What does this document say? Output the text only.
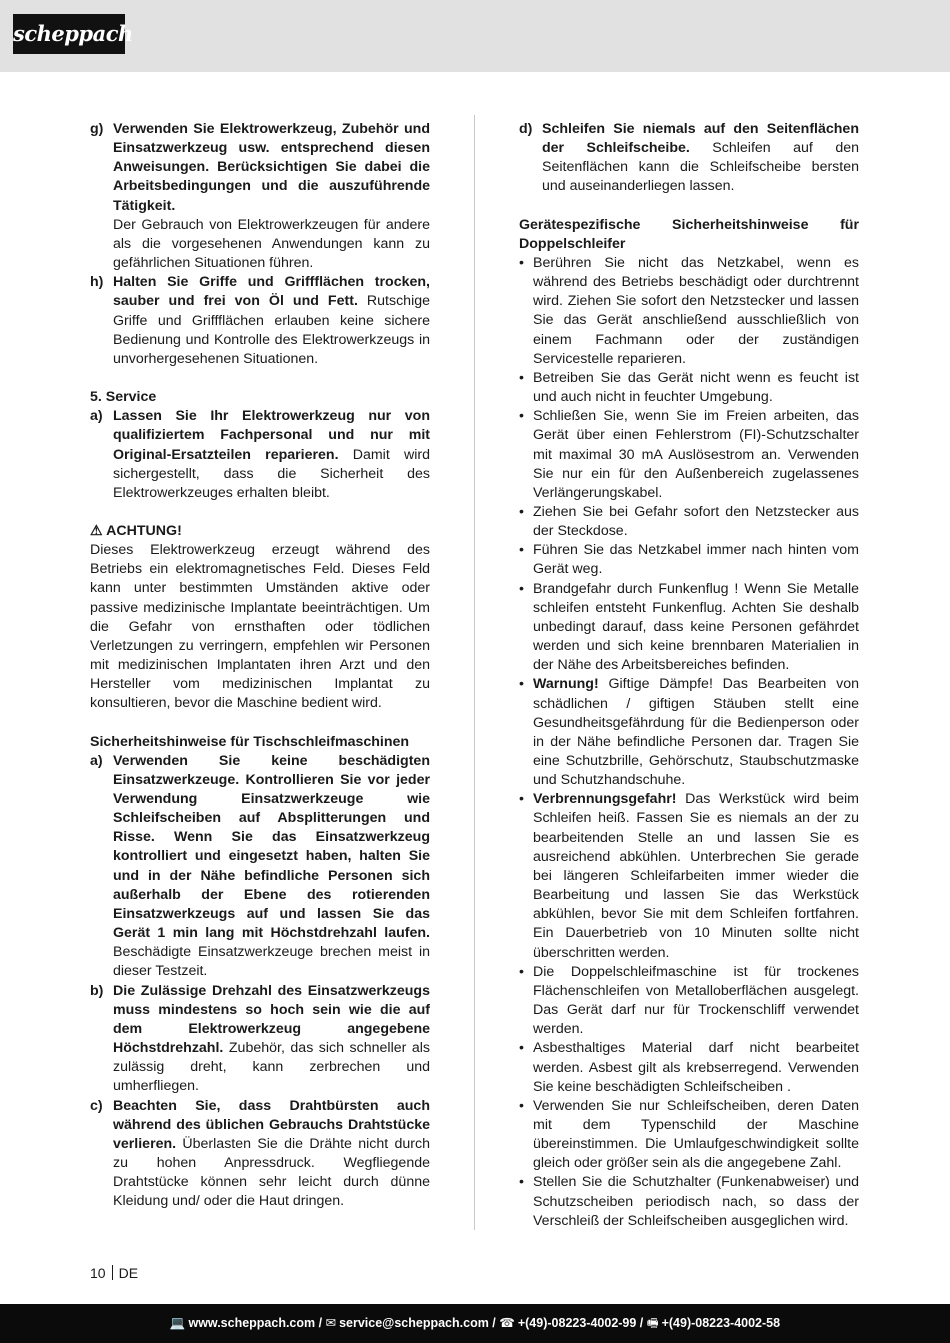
scheppach
g) Verwenden Sie Elektrowerkzeug, Zubehör und Einsatzwerkzeug usw. entsprechend diesen Anweisungen. Berücksichtigen Sie dabei die Arbeitsbedingungen und die auszuführende Tätigkeit.
Der Gebrauch von Elektrowerkzeugen für andere als die vorgesehenen Anwendungen kann zu gefährlichen Situationen führen.
h) Halten Sie Griffe und Griffflächen trocken, sauber und frei von Öl und Fett. Rutschige Griffe und Griffflächen erlauben keine sichere Bedienung und Kontrolle des Elektrowerkzeugs in unvorhergesehenen Situationen.
5. Service
a) Lassen Sie Ihr Elektrowerkzeug nur von qualifiziertem Fachpersonal und nur mit Original-Ersatzteilen reparieren. Damit wird sichergestellt, dass die Sicherheit des Elektrowerkzeuges erhalten bleibt.
⚠ ACHTUNG!
Dieses Elektrowerkzeug erzeugt während des Betriebs ein elektromagnetisches Feld. Dieses Feld kann unter bestimmten Umständen aktive oder passive medizinische Implantate beeinträchtigen. Um die Gefahr von ernsthaften oder tödlichen Verletzungen zu verringern, empfehlen wir Personen mit medizinischen Implantaten ihren Arzt und den Hersteller vom medizinischen Implantat zu konsultieren, bevor die Maschine bedient wird.
Sicherheitshinweise für Tischschleifmaschinen
a) Verwenden Sie keine beschädigten Einsatzwerkzeuge. Kontrollieren Sie vor jeder Verwendung Einsatzwerkzeuge wie Schleifscheiben auf Absplitterungen und Risse. Wenn Sie das Einsatzwerkzeug kontrolliert und eingesetzt haben, halten Sie und in der Nähe befindliche Personen sich außerhalb der Ebene des rotierenden Einsatzwerkzeugs auf und lassen Sie das Gerät 1 min lang mit Höchstdrehzahl laufen. Beschädigte Einsatzwerkzeuge brechen meist in dieser Testzeit.
b) Die Zulässige Drehzahl des Einsatzwerkzeugs muss mindestens so hoch sein wie die auf dem Elektrowerkzeug angegebene Höchstdrehzahl. Zubehör, das sich schneller als zulässig dreht, kann zerbrechen und umherfliegen.
c) Beachten Sie, dass Drahtbürsten auch während des üblichen Gebrauchs Drahtstücke verlieren. Überlasten Sie die Drähte nicht durch zu hohen Anpressdruck. Wegfliegende Drahtstücke können sehr leicht durch dünne Kleidung und/ oder die Haut dringen.
d) Schleifen Sie niemals auf den Seitenflächen der Schleifscheibe. Schleifen auf den Seitenflächen kann die Schleifscheibe bersten und auseinanderliegen lassen.
Gerätespezifische Sicherheitshinweise für Doppelschleifer
• Berühren Sie nicht das Netzkabel, wenn es während des Betriebs beschädigt oder durchtrennt wird. Ziehen Sie sofort den Netzstecker und lassen Sie das Gerät anschließend ausschließlich von einem Fachmann oder der zuständigen Servicestelle reparieren.
• Betreiben Sie das Gerät nicht wenn es feucht ist und auch nicht in feuchter Umgebung.
• Schließen Sie, wenn Sie im Freien arbeiten, das Gerät über einen Fehlerstrom (FI)-Schutzschalter mit maximal 30 mA Auslösestrom an. Verwenden Sie nur ein für den Außenbereich zugelassenes Verlängerungskabel.
• Ziehen Sie bei Gefahr sofort den Netzstecker aus der Steckdose.
• Führen Sie das Netzkabel immer nach hinten vom Gerät weg.
• Brandgefahr durch Funkenflug ! Wenn Sie Metalle schleifen entsteht Funkenflug. Achten Sie deshalb unbedingt darauf, dass keine Personen gefährdet werden und sich keine brennbaren Materialien in der Nähe des Arbeitsbereiches befinden.
• Warnung! Giftige Dämpfe! Das Bearbeiten von schädlichen / giftigen Stäuben stellt eine Gesundheitsgefährdung für die Bedienperson oder in der Nähe befindliche Personen dar. Tragen Sie eine Schutzbrille, Gehörschutz, Staubschutzmaske und Schutzhandschuhe.
• Verbrennungsgefahr! Das Werkstück wird beim Schleifen heiß. Fassen Sie es niemals an der zu bearbeitenden Stelle an und lassen Sie es ausreichend abkühlen. Unterbrechen Sie gerade bei längeren Schleifarbeiten immer wieder die Bearbeitung und lassen Sie das Werkstück abkühlen, bevor Sie mit dem Schleifen fortfahren. Ein Dauerbetrieb von 10 Minuten sollte nicht überschritten werden.
• Die Doppelschleifmaschine ist für trockenes Flächenschleifen von Metalloberflächen ausgelegt. Das Gerät darf nur für Trockenschliff verwendet werden.
• Asbesthaltiges Material darf nicht bearbeitet werden. Asbest gilt als krebserregend. Verwenden Sie keine beschädigten Schleifscheiben .
• Verwenden Sie nur Schleifscheiben, deren Daten mit dem Typenschild der Maschine übereinstimmen. Die Umlaufgeschwindigkeit sollte gleich oder größer sein als die angegebene Zahl.
• Stellen Sie die Schutzhalter (Funkenabweiser) und Schutzscheiben periodisch nach, so dass der Verschleiß der Schleifscheiben ausgeglichen wird.
10 DE
💻 www.scheppach.com / ✉ service@scheppach.com / ☎ +(49)-08223-4002-99 / 🖷 +(49)-08223-4002-58
